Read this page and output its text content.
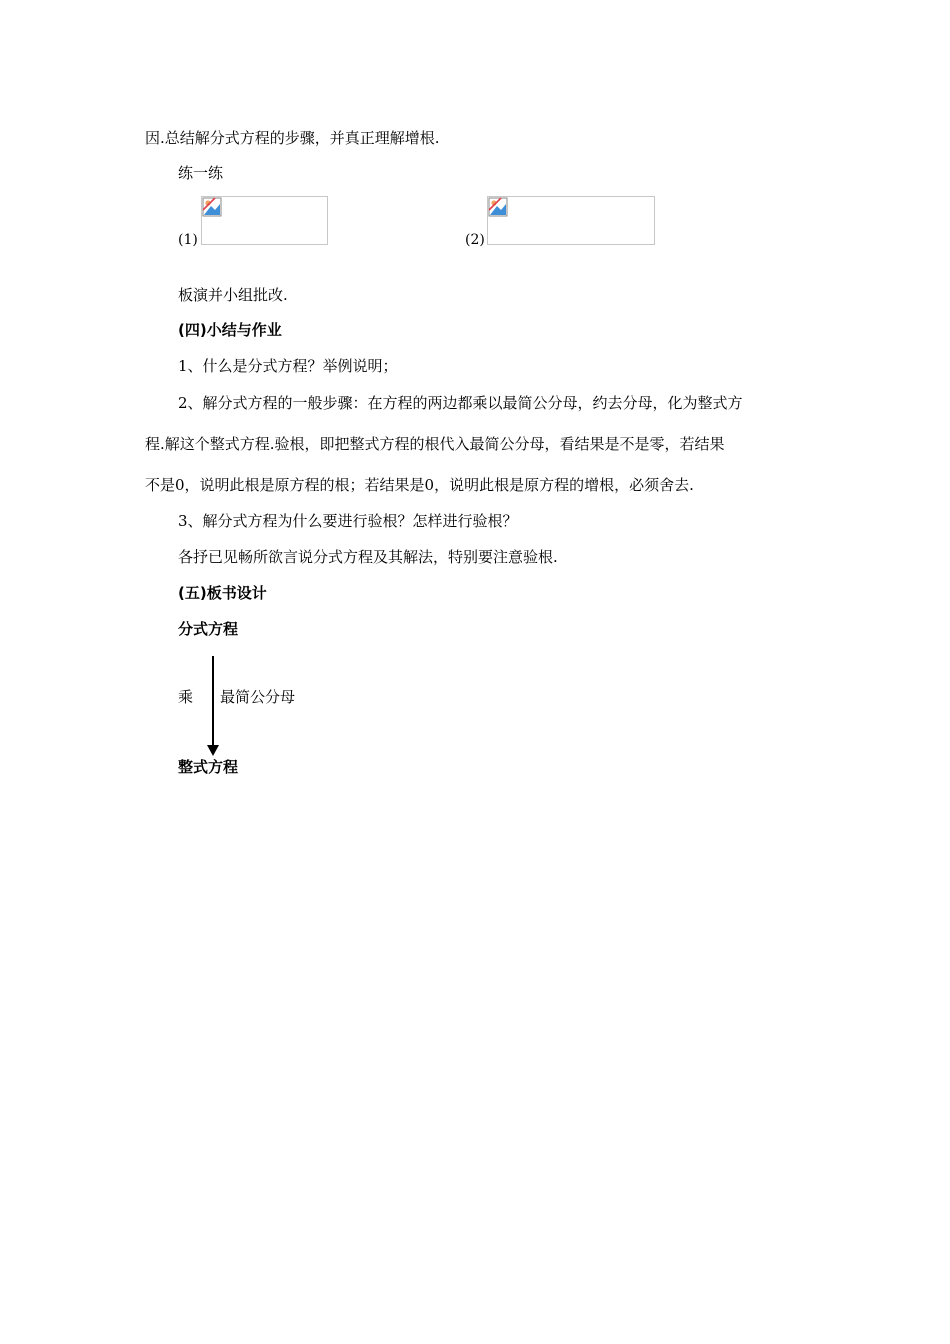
因.总结解分式方程的步骤，并真正理解增根.
练一练
(1)	(2)
板演并小组批改.
(四)小结与作业
1、什么是分式方程？举例说明；
2、解分式方程的一般步骤：在方程的两边都乘以最简公分母，约去分母，化为整式方
程.解这个整式方程.验根，即把整式方程的根代入最简公分母，看结果是不是零，若结果
不是0，说明此根是原方程的根；若结果是0，说明此根是原方程的增根，必须舍去.
3、解分式方程为什么要进行验根？怎样进行验根？
各抒已见畅所欲言说分式方程及其解法，特别要注意验根.
(五)板书设计
分式方程
乘 最简公分母
整式方程
